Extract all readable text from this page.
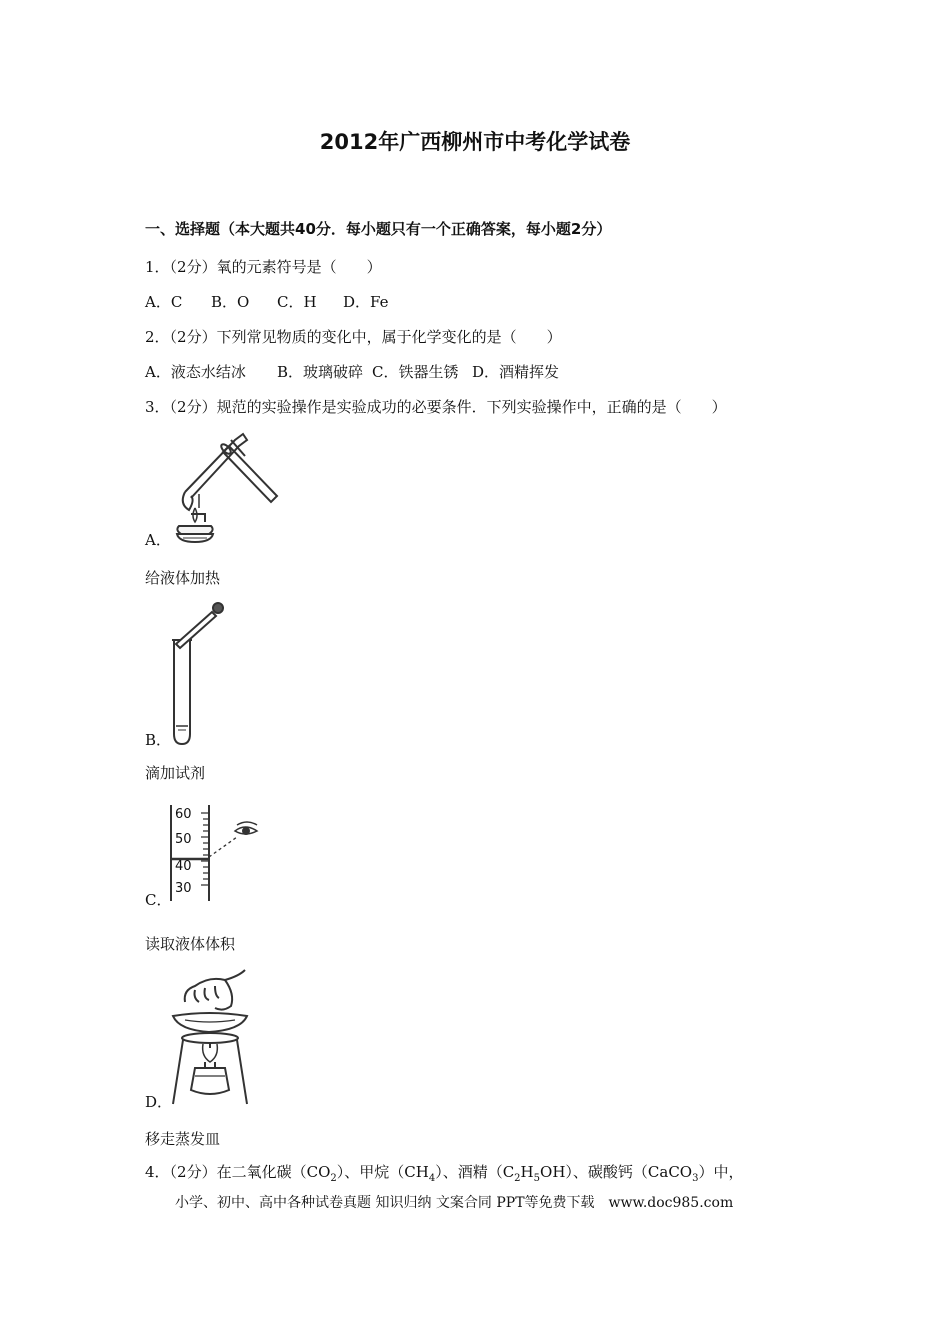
2012年广西柳州市中考化学试卷
一、选择题（本大题共40分．每小题只有一个正确答案，每小题2分）
1．（2分）氧的元素符号是（　　）
A．C B．O C．H D．Fe
2．（2分）下列常见物质的变化中，属于化学变化的是（　　）
A．液态水结冰 B．玻璃破碎 C．铁器生锈 D．酒精挥发
3．（2分）规范的实验操作是实验成功的必要条件．下列实验操作中，正确的是（　　）
A．
给液体加热
B．
滴加试剂
60
50
40
30
C．
读取液体体积
D．
移走蒸发皿
4．（2分）在二氧化碳$(CO_2)$、甲烷$(CH_4)$、酒精$(C_2H_5OH)$、碳酸钙（CaCO$_3$）中，
小学、初中、高中各种试卷真题 知识归纳 文案合同 PPT等免费下载　www.doc985.com
